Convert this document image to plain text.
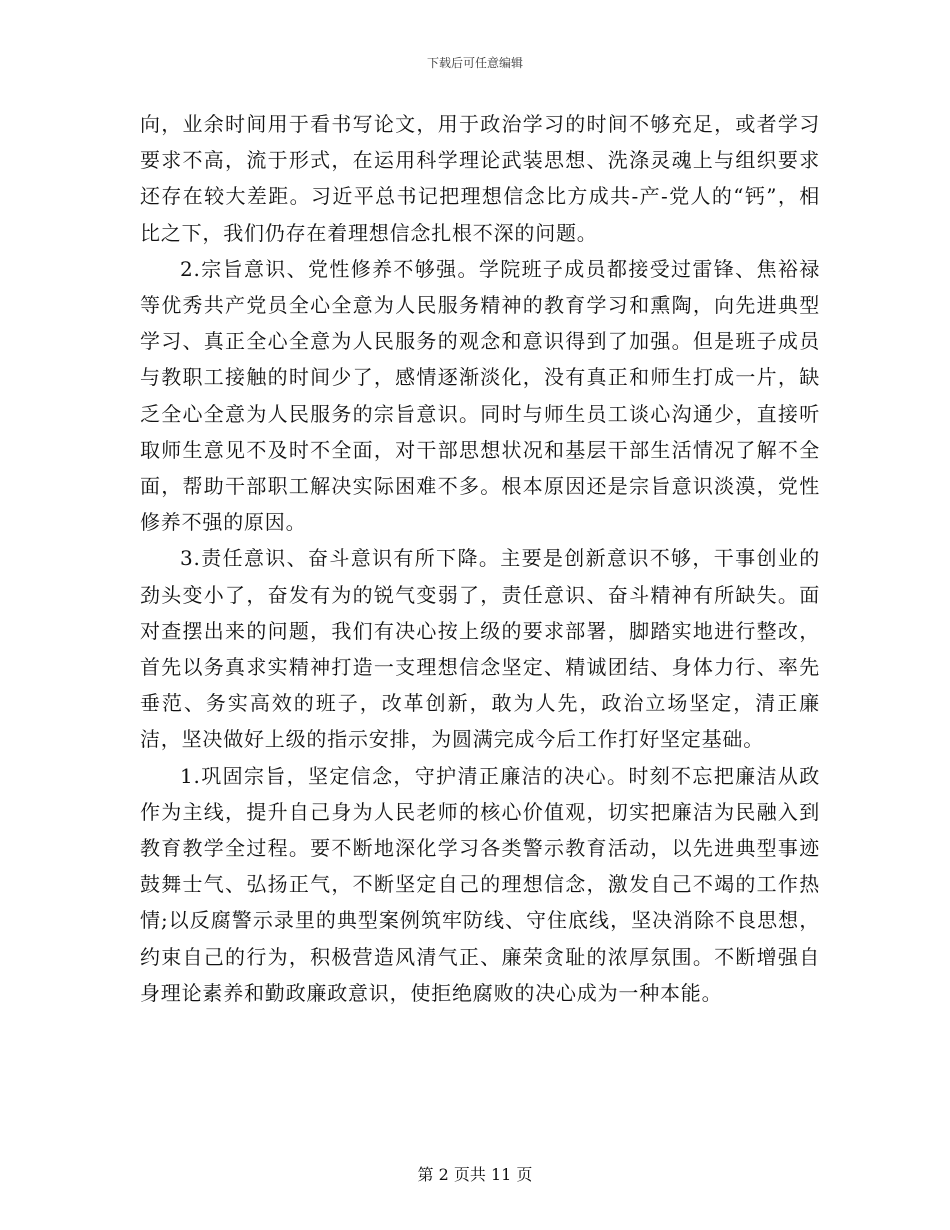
下载后可任意编辑

向，业余时间用于看书写论文，用于政治学习的时间不够充足，或者学习要求不高，流于形式，在运用科学理论武装思想、洗涤灵魂上与组织要求还存在较大差距。习近平总书记把理想信念比方成共-产-党人的“钙”，相比之下，我们仍存在着理想信念扎根不深的问题。

2.宗旨意识、党性修养不够强。学院班子成员都接受过雷锋、焦裕禄等优秀共产党员全心全意为人民服务精神的教育学习和熏陶，向先进典型学习、真正全心全意为人民服务的观念和意识得到了加强。但是班子成员与教职工接触的时间少了，感情逐渐淡化，没有真正和师生打成一片，缺乏全心全意为人民服务的宗旨意识。同时与师生员工谈心沟通少，直接听取师生意见不及时不全面，对干部思想状况和基层干部生活情况了解不全面，帮助干部职工解决实际困难不多。根本原因还是宗旨意识淡漠，党性修养不强的原因。

3.责任意识、奋斗意识有所下降。主要是创新意识不够，干事创业的劲头变小了，奋发有为的锐气变弱了，责任意识、奋斗精神有所缺失。面对查摆出来的问题，我们有决心按上级的要求部署，脚踏实地进行整改，首先以务真求实精神打造一支理想信念坚定、精诚团结、身体力行、率先垂范、务实高效的班子，改革创新，敢为人先，政治立场坚定，清正廉洁，坚决做好上级的指示安排，为圆满完成今后工作打好坚定基础。

1.巩固宗旨，坚定信念，守护清正廉洁的决心。时刻不忘把廉洁从政作为主线，提升自己身为人民老师的核心价值观，切实把廉洁为民融入到教育教学全过程。要不断地深化学习各类警示教育活动，以先进典型事迹鼓舞士气、弘扬正气，不断坚定自己的理想信念，激发自己不竭的工作热情;以反腐警示录里的典型案例筑牢防线、守住底线，坚决消除不良思想，约束自己的行为，积极营造风清气正、廉荣贪耻的浓厚氛围。不断增强自身理论素养和勤政廉政意识，使拒绝腐败的决心成为一种本能。

第 2 页共 11 页
